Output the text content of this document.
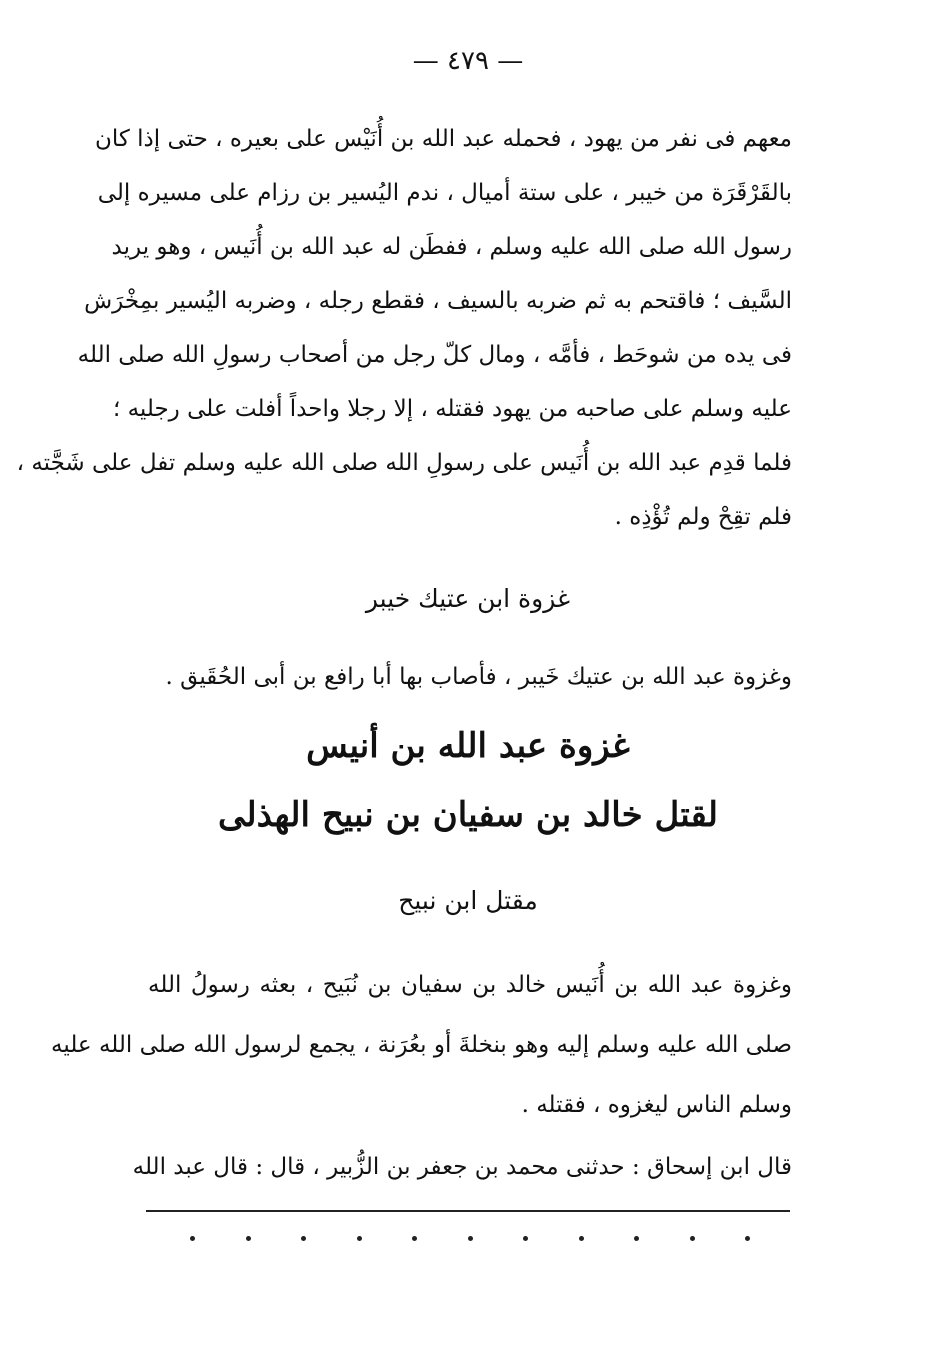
— ٤٧٩ —
معهم فى نفر من يهود ، فحمله عبد الله بن أُنَيْس على بعيره ، حتى إذا كان
بالقَرْقَرَة من خيبر ، على ستة أميال ، ندم اليُسير بن رزام على مسيره إلى
رسول الله صلى الله عليه وسلم ، ففطَن له عبد الله بن أُنَيس ، وهو يريد
السَّيف ؛ فاقتحم به ثم ضربه بالسيف ، فقطع رجله ، وضربه اليُسير بمِخْرَش
فى يده من شوحَط ، فأمَّه ، ومال كلّ رجل من أصحاب رسولِ الله صلى الله
عليه وسلم على صاحبه من يهود فقتله ، إلا رجلا واحداً أفلت على رجليه ؛
فلما قدِم عبد الله بن أُنَيس على رسولِ الله صلى الله عليه وسلم تفل على شَجَّته ،
فلم تقِحْ ولم تُؤْذِه .
غزوة ابن عتيك خيبر
وغزوة عبد الله بن عتيك خَيبر ، فأصاب بها أبا رافع بن أبى الحُقَيق .
غزوة عبد الله بن أنيس
لقتل خالد بن سفيان بن نبيح الهذلى
مقتل ابن نبيح
وغزوة عبد الله بن أُنَيس خالد بن سفيان بن نُبَيح ، بعثه رسولُ الله
صلى الله عليه وسلم إليه وهو بنخلةَ أو بعُرَنة ، يجمع لرسول الله صلى الله عليه
وسلم الناس ليغزوه ، فقتله .
قال ابن إسحاق : حدثنى محمد بن جعفر بن الزُّبير ، قال : قال عبد الله
